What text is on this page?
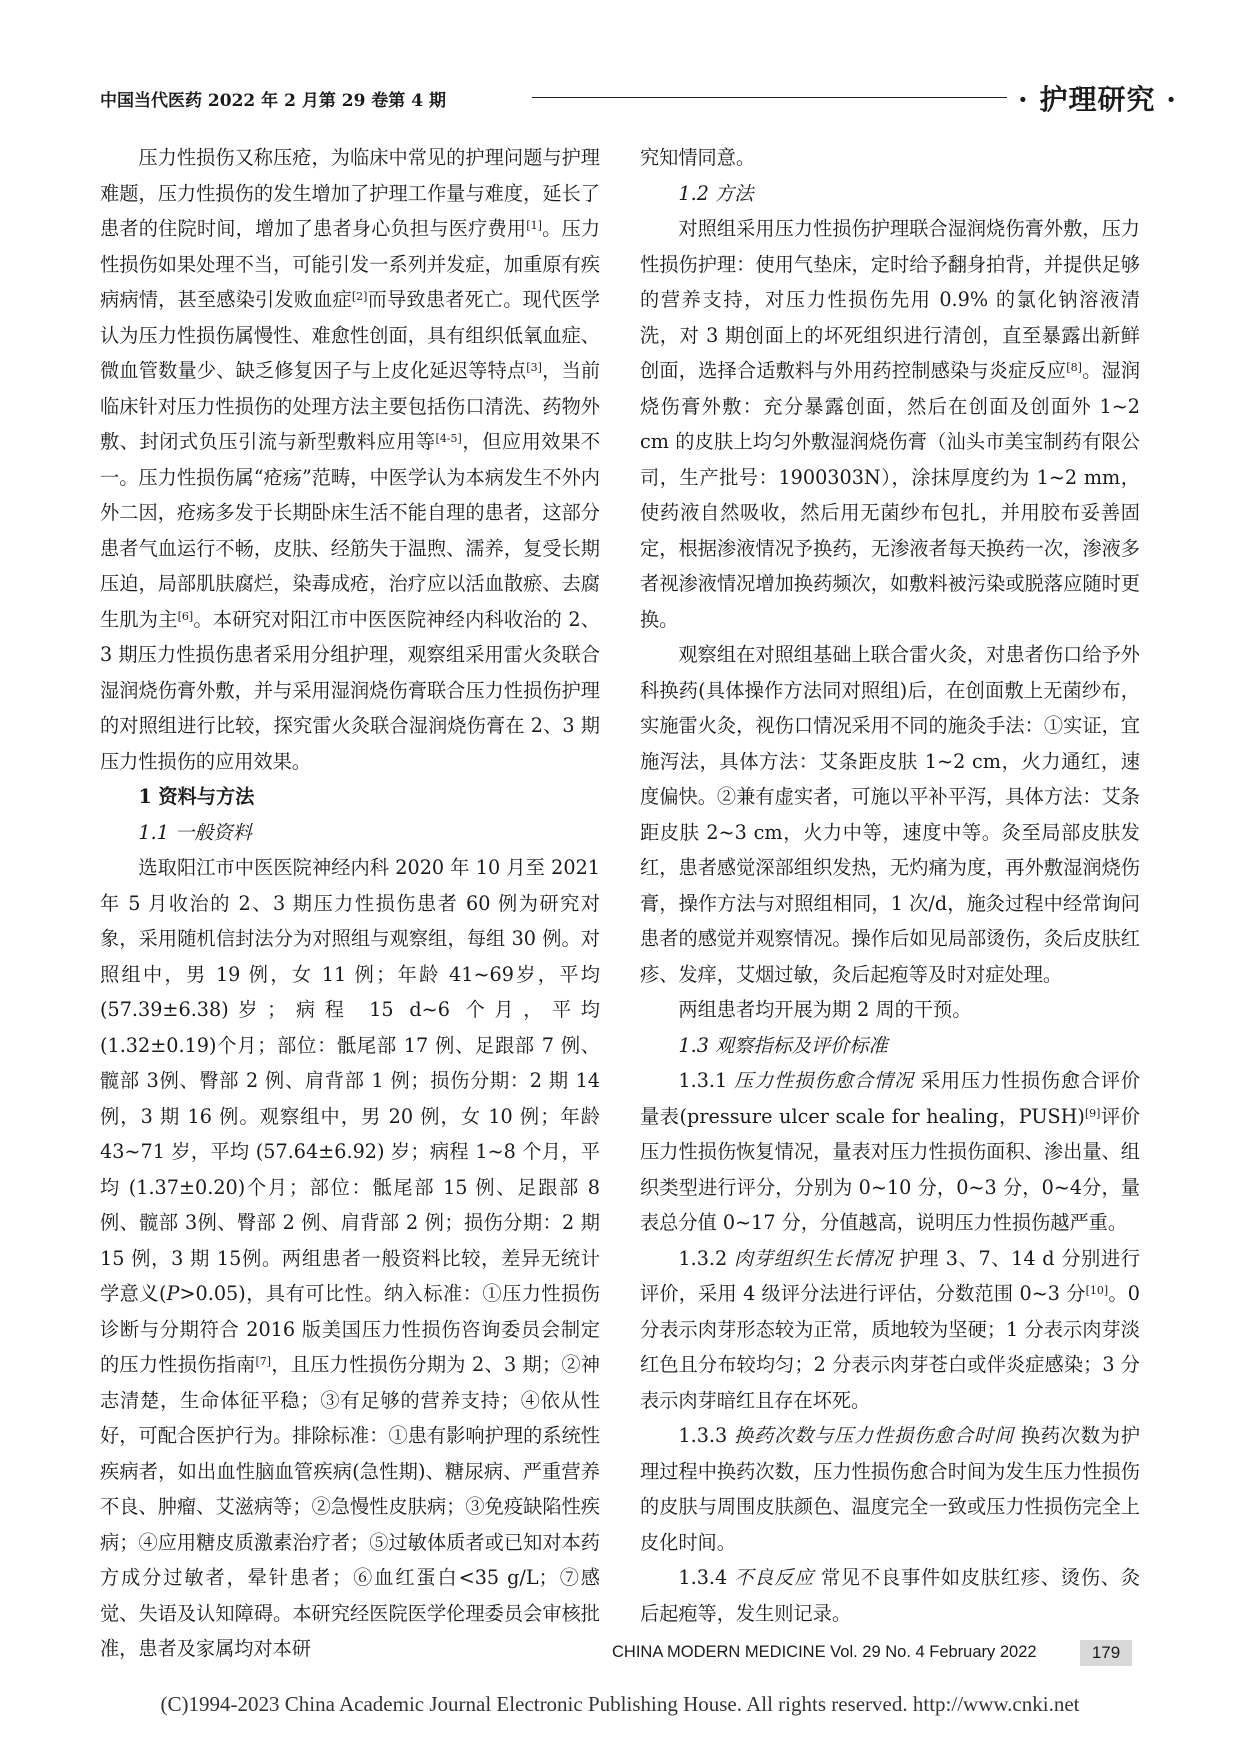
中国当代医药 2022 年 2 月第 29 卷第 4 期	· 护理研究 ·

压力性损伤又称压疮，为临床中常见的护理问题与护理难题，压力性损伤的发生增加了护理工作量与难度，延长了患者的住院时间，增加了患者身心负担与医疗费用[1]。压力性损伤如果处理不当，可能引发一系列并发症，加重原有疾病病情，甚至感染引发败血症[2]而导致患者死亡。现代医学认为压力性损伤属慢性、难愈性创面，具有组织低氧血症、微血管数量少、缺乏修复因子与上皮化延迟等特点[3]，当前临床针对压力性损伤的处理方法主要包括伤口清洗、药物外敷、封闭式负压引流与新型敷料应用等[4-5]，但应用效果不一。压力性损伤属“疮疡”范畴，中医学认为本病发生不外内外二因，疮疡多发于长期卧床生活不能自理的患者，这部分患者气血运行不畅，皮肤、经筋失于温煦、濡养，复受长期压迫，局部肌肤腐烂，染毒成疮，治疗应以活血散瘀、去腐生肌为主[6]。本研究对阳江市中医医院神经内科收治的 2、3 期压力性损伤患者采用分组护理，观察组采用雷火灸联合湿润烧伤膏外敷，并与采用湿润烧伤膏联合压力性损伤护理的对照组进行比较，探究雷火灸联合湿润烧伤膏在 2、3 期压力性损伤的应用效果。

1 资料与方法

1.1 一般资料

选取阳江市中医医院神经内科 2020 年 10 月至 2021 年 5 月收治的 2、3 期压力性损伤患者 60 例为研究对象，采用随机信封法分为对照组与观察组，每组 30 例。对照组中，男 19 例，女 11 例；年龄 41~69岁，平均(57.39±6.38)岁；病程 15 d~6 个月，平均(1.32±0.19)个月；部位：骶尾部 17 例、足跟部 7 例、髋部 3例、臀部 2 例、肩背部 1 例；损伤分期：2 期 14 例，3 期 16 例。观察组中，男 20 例，女 10 例；年龄 43~71 岁，平均 (57.64±6.92) 岁；病程 1~8 个月，平均 (1.37±0.20)个月；部位：骶尾部 15 例、足跟部 8 例、髋部 3例、臀部 2 例、肩背部 2 例；损伤分期：2 期 15 例，3 期 15例。两组患者一般资料比较，差异无统计学意义(P>0.05)，具有可比性。纳入标准：①压力性损伤诊断与分期符合 2016 版美国压力性损伤咨询委员会制定的压力性损伤指南[7]，且压力性损伤分期为 2、3 期；②神志清楚，生命体征平稳；③有足够的营养支持；④依从性好，可配合医护行为。排除标准：①患有影响护理的系统性疾病者，如出血性脑血管疾病(急性期)、糖尿病、严重营养不良、肿瘤、艾滋病等；②急慢性皮肤病；③免疫缺陷性疾病；④应用糖皮质激素治疗者；⑤过敏体质者或已知对本药方成分过敏者，晕针患者；⑥血红蛋白<35 g/L；⑦感觉、失语及认知障碍。本研究经医院医学伦理委员会审核批准，患者及家属均对本研

究知情同意。

1.2 方法

对照组采用压力性损伤护理联合湿润烧伤膏外敷，压力性损伤护理：使用气垫床，定时给予翻身拍背，并提供足够的营养支持，对压力性损伤先用 0.9% 的氯化钠溶液清洗，对 3 期创面上的坏死组织进行清创，直至暴露出新鲜创面，选择合适敷料与外用药控制感染与炎症反应[8]。湿润烧伤膏外敷：充分暴露创面，然后在创面及创面外 1~2 cm 的皮肤上均匀外敷湿润烧伤膏（汕头市美宝制药有限公司，生产批号：1900303N），涂抹厚度约为 1~2 mm，使药液自然吸收，然后用无菌纱布包扎，并用胶布妥善固定，根据渗液情况予换药，无渗液者每天换药一次，渗液多者视渗液情况增加换药频次，如敷料被污染或脱落应随时更换。

观察组在对照组基础上联合雷火灸，对患者伤口给予外科换药(具体操作方法同对照组)后，在创面敷上无菌纱布，实施雷火灸，视伤口情况采用不同的施灸手法：①实证，宜施泻法，具体方法：艾条距皮肤 1~2 cm，火力通红，速度偏快。②兼有虚实者，可施以平补平泻，具体方法：艾条距皮肤 2~3 cm，火力中等，速度中等。灸至局部皮肤发红，患者感觉深部组织发热，无灼痛为度，再外敷湿润烧伤膏，操作方法与对照组相同，1 次/d，施灸过程中经常询问患者的感觉并观察情况。操作后如见局部烫伤，灸后皮肤红疹、发痒，艾烟过敏，灸后起疱等及时对症处理。

两组患者均开展为期 2 周的干预。

1.3 观察指标及评价标准

1.3.1 压力性损伤愈合情况 采用压力性损伤愈合评价量表(pressure ulcer scale for healing，PUSH)[9]评价压力性损伤恢复情况，量表对压力性损伤面积、渗出量、组织类型进行评分，分别为 0~10 分，0~3 分，0~4分，量表总分值 0~17 分，分值越高，说明压力性损伤越严重。

1.3.2 肉芽组织生长情况 护理 3、7、14 d 分别进行评价，采用 4 级评分法进行评估，分数范围 0~3 分[10]。0分表示肉芽形态较为正常，质地较为坚硬；1 分表示肉芽淡红色且分布较均匀；2 分表示肉芽苍白或伴炎症感染；3 分表示肉芽暗红且存在坏死。

1.3.3 换药次数与压力性损伤愈合时间 换药次数为护理过程中换药次数，压力性损伤愈合时间为发生压力性损伤的皮肤与周围皮肤颜色、温度完全一致或压力性损伤完全上皮化时间。

1.3.4 不良反应 常见不良事件如皮肤红疹、烫伤、灸后起疱等，发生则记录。

CHINA MODERN MEDICINE Vol. 29 No. 4 February 2022	179
(C)1994-2023 China Academic Journal Electronic Publishing House. All rights reserved. http://www.cnki.net
